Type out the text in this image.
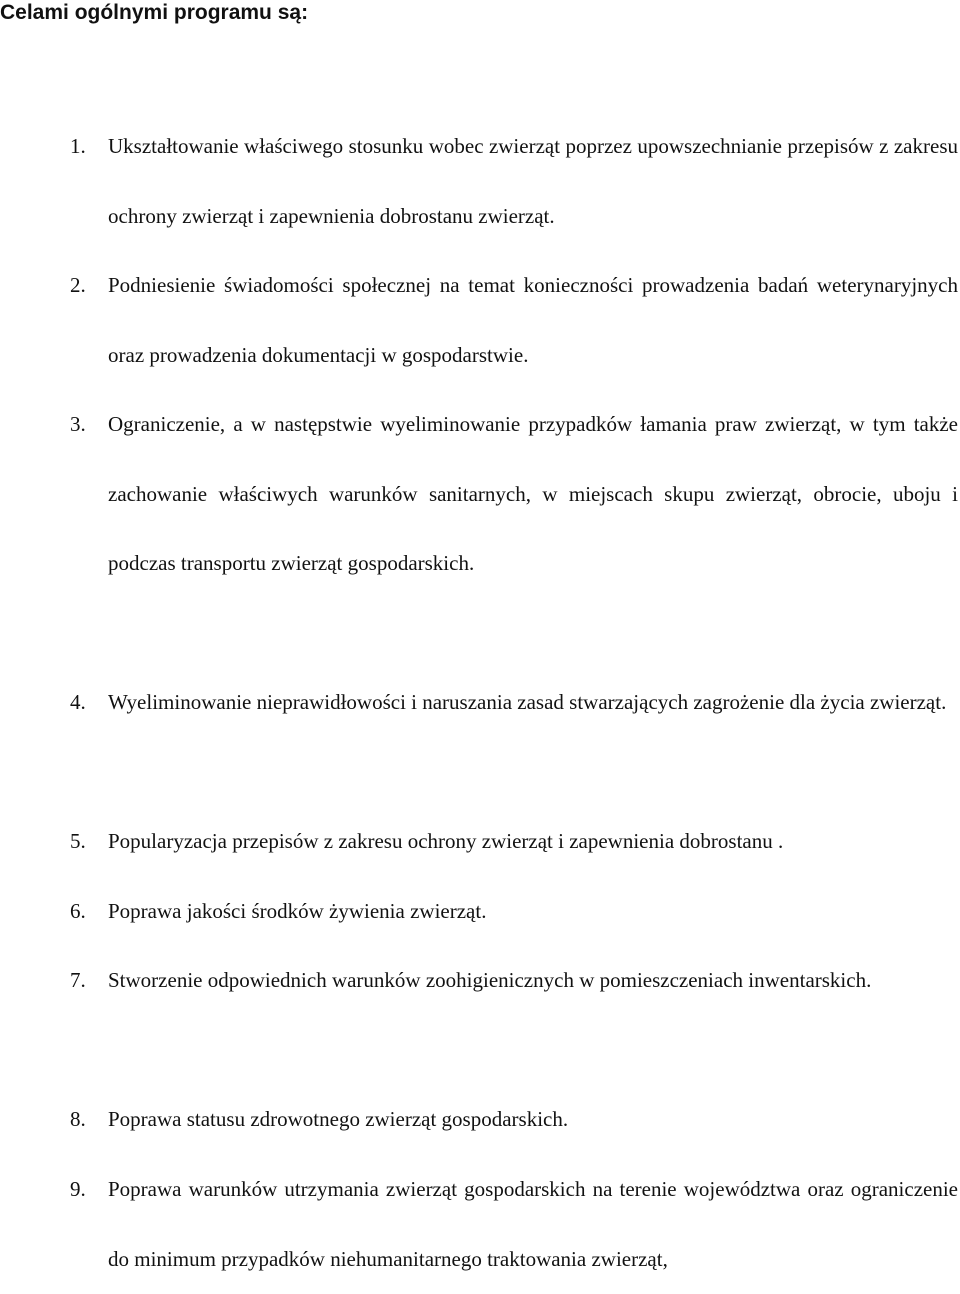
Celami ogólnymi programu są:
1.	Ukształtowanie właściwego stosunku wobec zwierząt poprzez upowszechnianie przepisów z zakresu ochrony zwierząt i zapewnienia dobrostanu zwierząt.
2.	Podniesienie świadomości społecznej na temat konieczności prowadzenia badań weterynaryjnych oraz prowadzenia dokumentacji w gospodarstwie.
3.	Ograniczenie, a w następstwie wyeliminowanie przypadków łamania praw zwierząt, w tym także zachowanie właściwych warunków sanitarnych, w miejscach skupu zwierząt, obrocie, uboju i podczas transportu zwierząt gospodarskich.
4.	Wyeliminowanie nieprawidłowości i naruszania zasad stwarzających zagrożenie dla życia zwierząt.
5.	Popularyzacja przepisów z zakresu ochrony zwierząt i zapewnienia dobrostanu .
6.	Poprawa jakości środków żywienia zwierząt.
7.	Stworzenie odpowiednich warunków zoohigienicznych w pomieszczeniach inwentarskich.
8.	Poprawa statusu zdrowotnego zwierząt gospodarskich.
9.	Poprawa warunków utrzymania zwierząt gospodarskich na terenie województwa oraz ograniczenie do minimum przypadków niehumanitarnego traktowania zwierząt,
